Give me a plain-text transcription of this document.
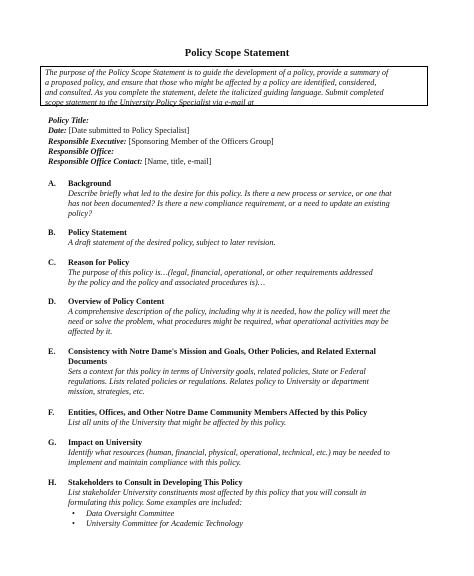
Policy Scope Statement
The purpose of the Policy Scope Statement is to guide the development of a policy, provide a summary of
a proposed policy, and ensure that those who might be affected by a policy are identified, considered,
and consulted. As you complete the statement, delete the italicized guiding language. Submit completed
scope statement to the University Policy Specialist via e-mail at
Policy Title:
Date: [Date submitted to Policy Specialist]
Responsible Executive: [Sponsoring Member of the Officers Group]
Responsible Office:
Responsible Office Contact: [Name, title, e-mail]
A. Background
Describe briefly what led to the desire for this policy. Is there a new process or service, or one that
has not been documented? Is there a new compliance requirement, or a need to update an existing
policy?
B. Policy Statement
A draft statement of the desired policy, subject to later revision.
C. Reason for Policy
The purpose of this policy is…(legal, financial, operational, or other requirements addressed
by the policy and the policy and associated procedures is)…
D. Overview of Policy Content
A comprehensive description of the policy, including why it is needed, how the policy will meet the
need or solve the problem, what procedures might be required, what operational activities may be
affected by it.
E. Consistency with Notre Dame's Mission and Goals, Other Policies, and Related External
Documents
Sets a context for this policy in terms of University goals, related policies, State or Federal
regulations. Lists related policies or regulations. Relates policy to University or department
mission, strategies, etc.
F. Entities, Offices, and Other Notre Dame Community Members Affected by this Policy
List all units of the University that might be affected by this policy.
G. Impact on University
Identify what resources (human, financial, physical, operational, technical, etc.) may be needed to
implement and maintain compliance with this policy.
H. Stakeholders to Consult in Developing This Policy
List stakeholder University constituents most affected by this policy that you will consult in
formulating this policy. Some examples are included:
• Data Oversight Committee
• University Committee for Academic Technology
